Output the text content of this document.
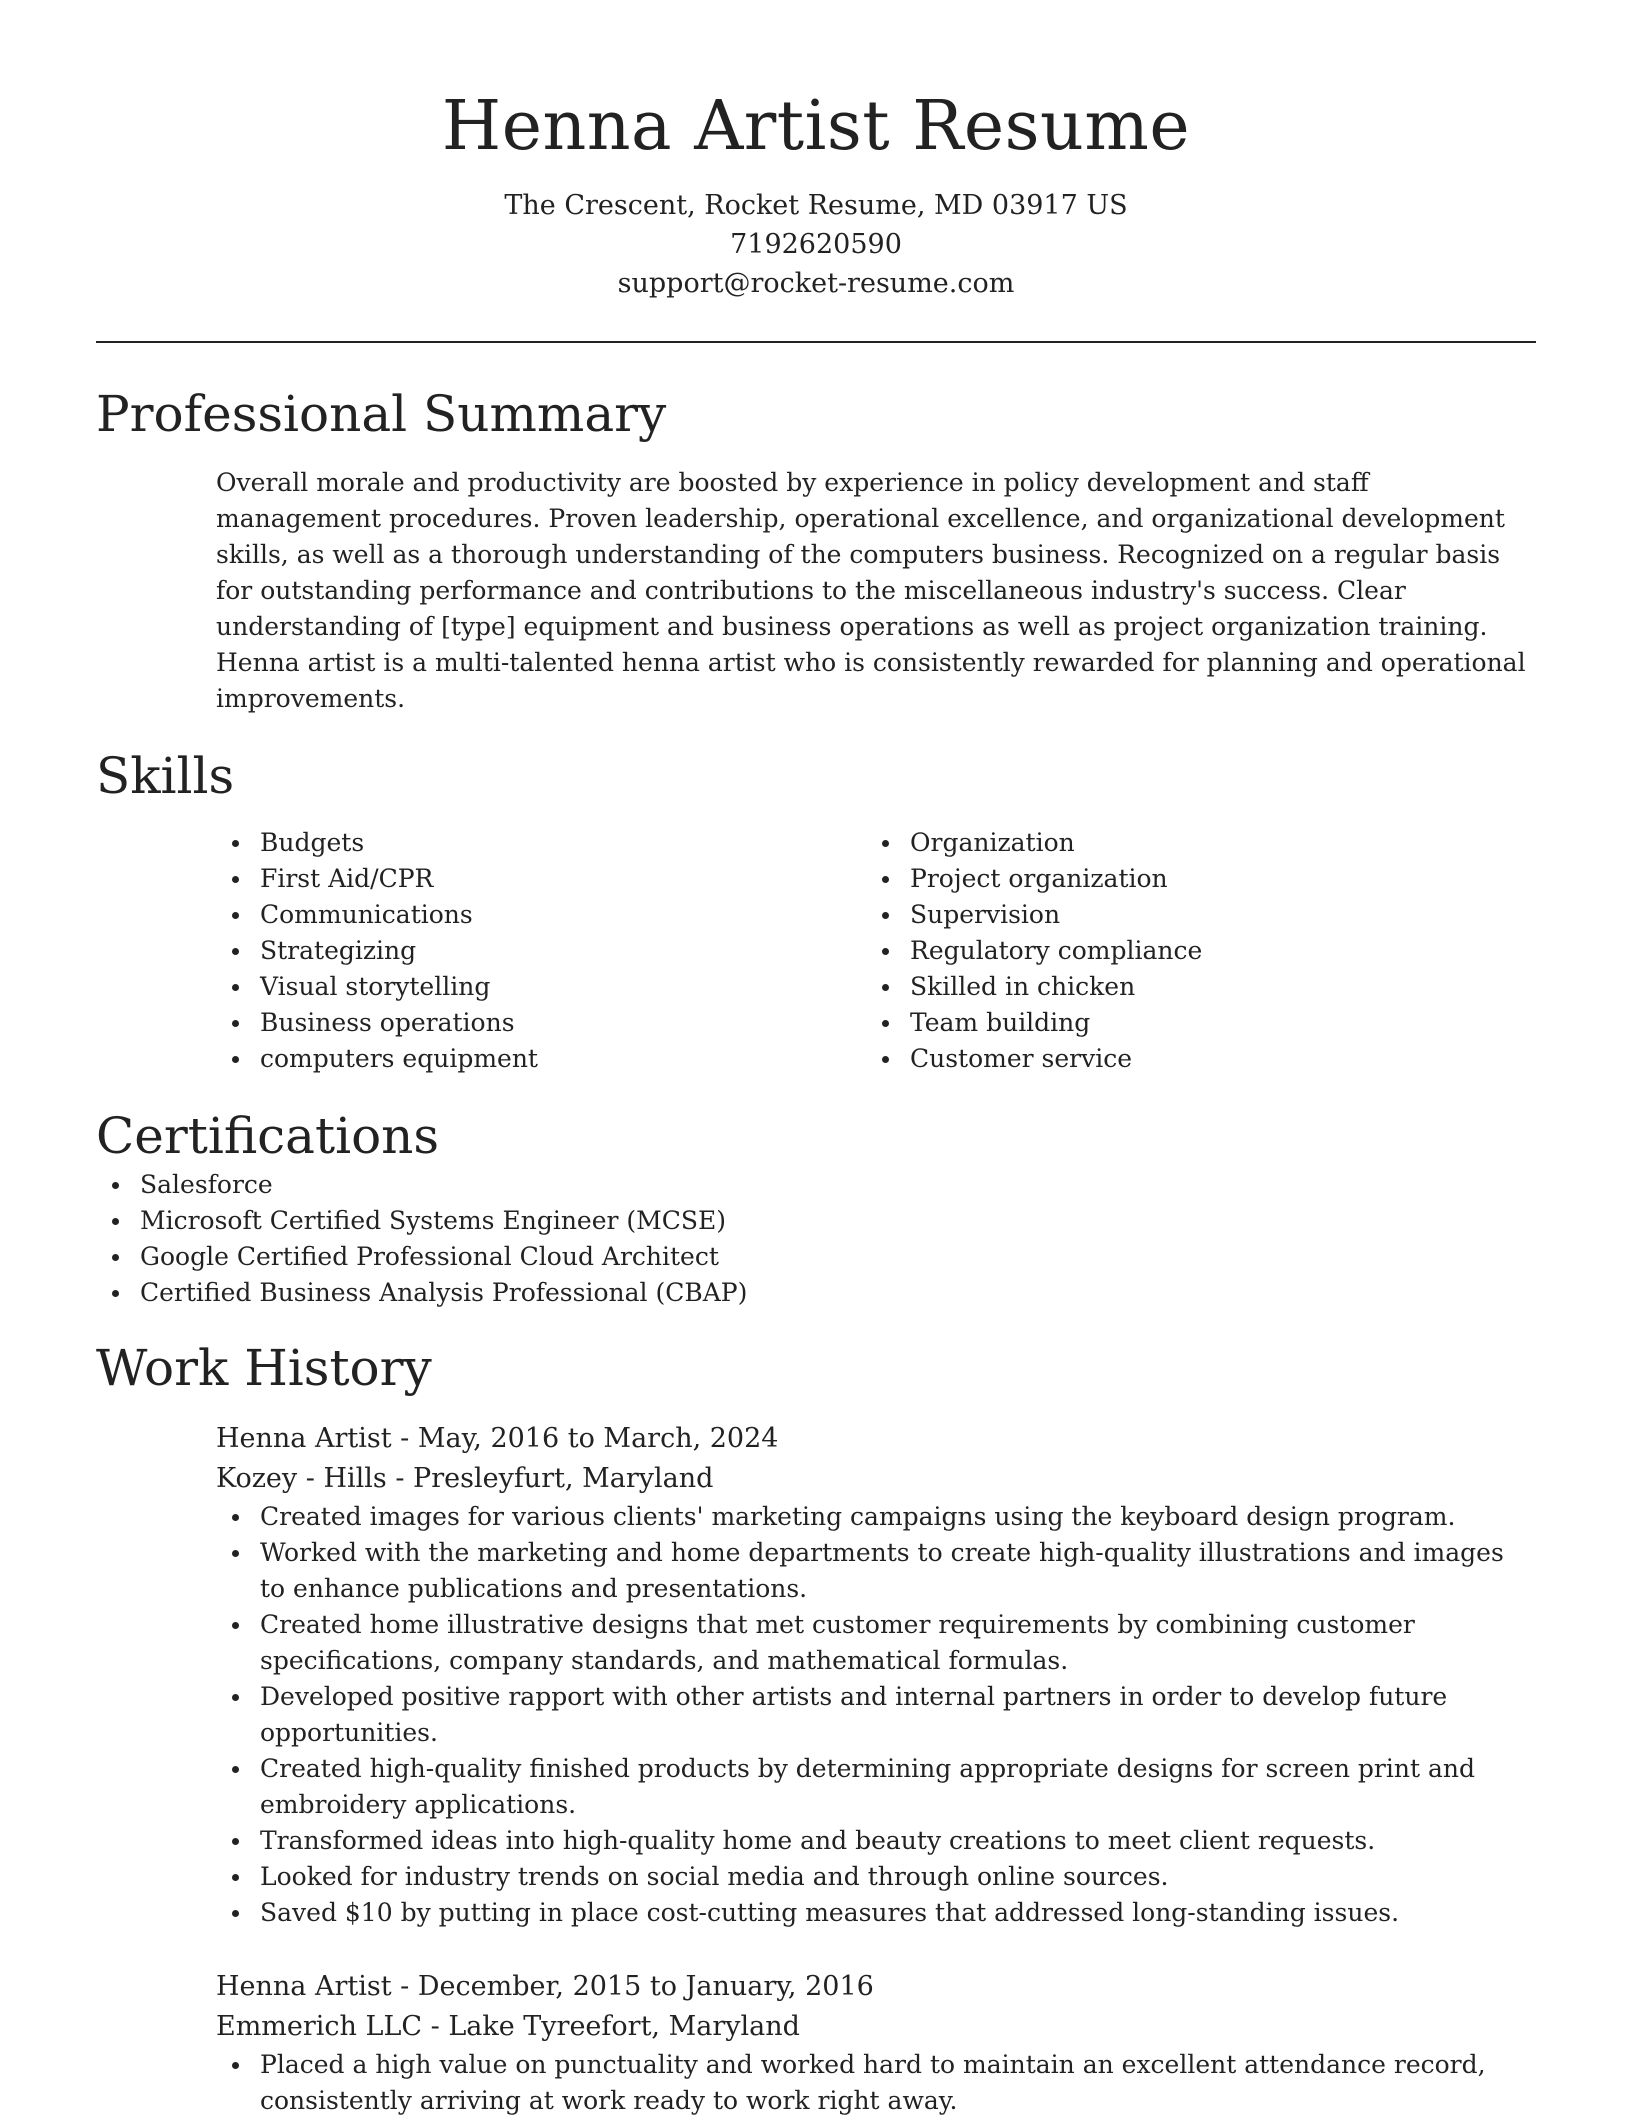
Henna Artist Resume
The Crescent, Rocket Resume, MD 03917 US
7192620590
support@rocket-resume.com
Professional Summary

Overall morale and productivity are boosted by experience in policy development and staff management procedures. Proven leadership, operational excellence, and organizational development skills, as well as a thorough understanding of the computers business. Recognized on a regular basis for outstanding performance and contributions to the miscellaneous industry's success. Clear understanding of [type] equipment and business operations as well as project organization training. Henna artist is a multi-talented henna artist who is consistently rewarded for planning and operational improvements.

Skills
Budgets
First Aid/CPR
Communications
Strategizing
Visual storytelling
Business operations
computers equipment
Organization
Project organization
Supervision
Regulatory compliance
Skilled in chicken
Team building
Customer service
Certifications
Salesforce
Microsoft Certified Systems Engineer (MCSE)
Google Certified Professional Cloud Architect
Certified Business Analysis Professional (CBAP)
Work History
Henna Artist - May, 2016 to March, 2024
Kozey - Hills - Presleyfurt, Maryland
Created images for various clients' marketing campaigns using the keyboard design program.
Worked with the marketing and home departments to create high-quality illustrations and images to enhance publications and presentations.
Created home illustrative designs that met customer requirements by combining customer specifications, company standards, and mathematical formulas.
Developed positive rapport with other artists and internal partners in order to develop future opportunities.
Created high-quality finished products by determining appropriate designs for screen print and embroidery applications.
Transformed ideas into high-quality home and beauty creations to meet client requests.
Looked for industry trends on social media and through online sources.
Saved $10 by putting in place cost-cutting measures that addressed long-standing issues.
Henna Artist - December, 2015 to January, 2016
Emmerich LLC - Lake Tyreefort, Maryland
Placed a high value on punctuality and worked hard to maintain an excellent attendance record, consistently arriving at work ready to work right away.
